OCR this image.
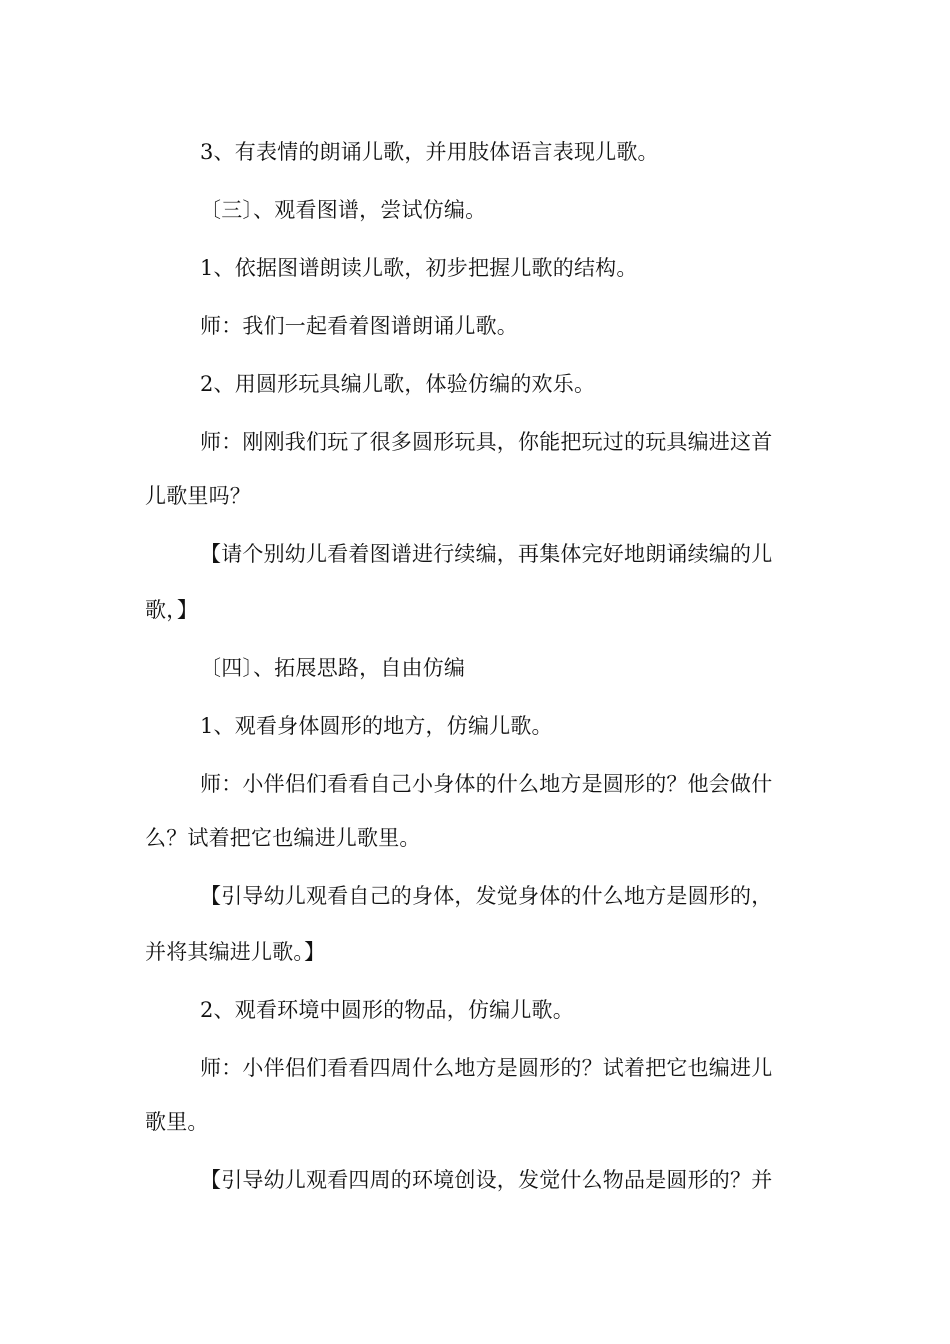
3、有表情的朗诵儿歌，并用肢体语言表现儿歌。
〔三〕、观看图谱，尝试仿编。
1、依据图谱朗读儿歌，初步把握儿歌的结构。
师：我们一起看着图谱朗诵儿歌。
2、用圆形玩具编儿歌，体验仿编的欢乐。
师：刚刚我们玩了很多圆形玩具，你能把玩过的玩具编进这首
儿歌里吗？
【请个别幼儿看着图谱进行续编，再集体完好地朗诵续编的儿
歌，】
〔四〕、拓展思路，自由仿编
1、观看身体圆形的地方，仿编儿歌。
师：小伴侣们看看自己小身体的什么地方是圆形的？他会做什
么？试着把它也编进儿歌里。
【引导幼儿观看自己的身体，发觉身体的什么地方是圆形的，
并将其编进儿歌。】
2、观看环境中圆形的物品，仿编儿歌。
师：小伴侣们看看四周什么地方是圆形的？试着把它也编进儿
歌里。
【引导幼儿观看四周的环境创设，发觉什么物品是圆形的？并
